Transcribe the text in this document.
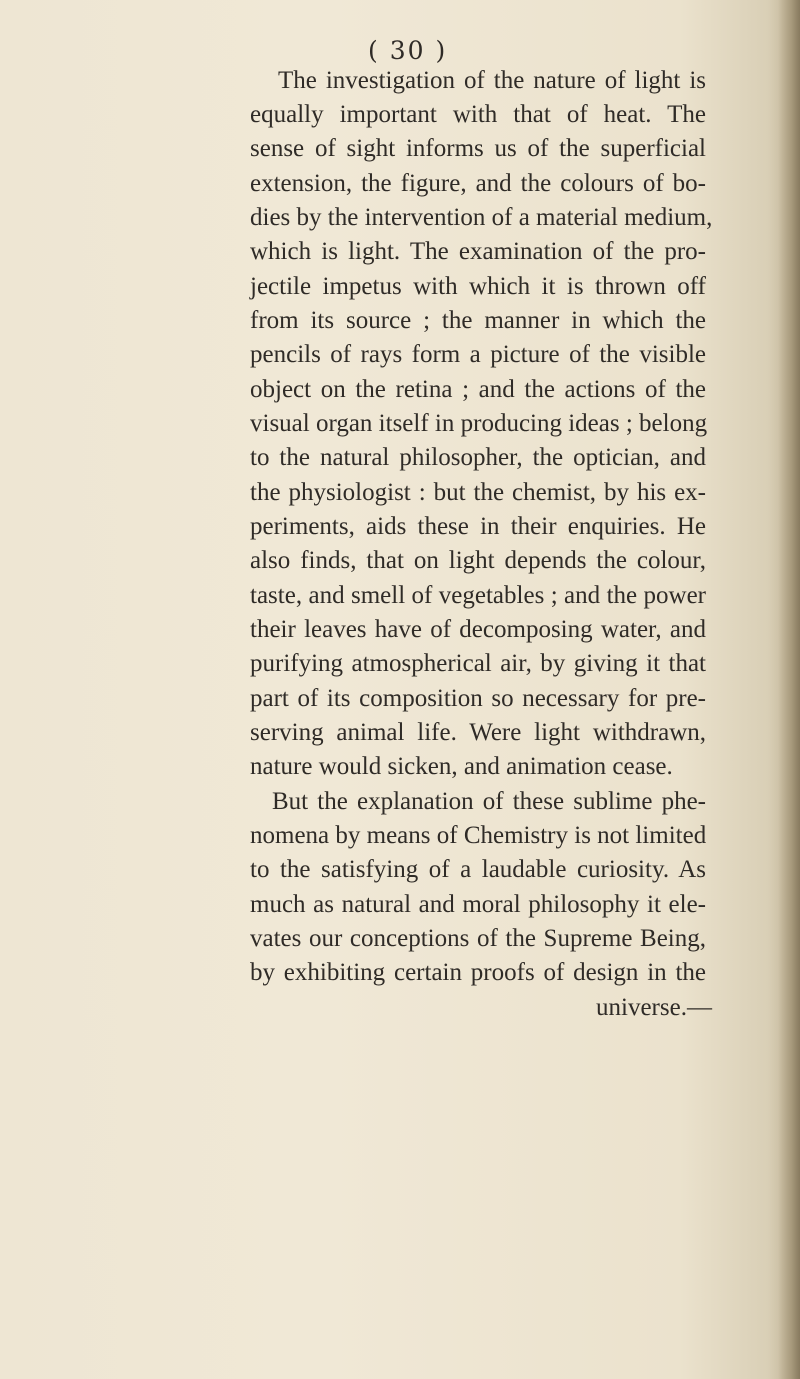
( 30 )
The investigation of the nature of light is
equally important with that of heat. The
sense of sight informs us of the superficial
extension, the figure, and the colours of bo-
dies by the intervention of a material medium,
which is light. The examination of the pro-
jectile impetus with which it is thrown off
from its source ; the manner in which the
pencils of rays form a picture of the visible
object on the retina ; and the actions of the
visual organ itself in producing ideas ; belong
to the natural philosopher, the optician, and
the physiologist : but the chemist, by his ex-
periments, aids these in their enquiries. He
also finds, that on light depends the colour,
taste, and smell of vegetables ; and the power
their leaves have of decomposing water, and
purifying atmospherical air, by giving it that
part of its composition so necessary for pre-
serving animal life. Were light withdrawn,
nature would sicken, and animation cease.
But the explanation of these sublime phe-
nomena by means of Chemistry is not limited
to the satisfying of a laudable curiosity. As
much as natural and moral philosophy it ele-
vates our conceptions of the Supreme Being,
by exhibiting certain proofs of design in the
universe.—
